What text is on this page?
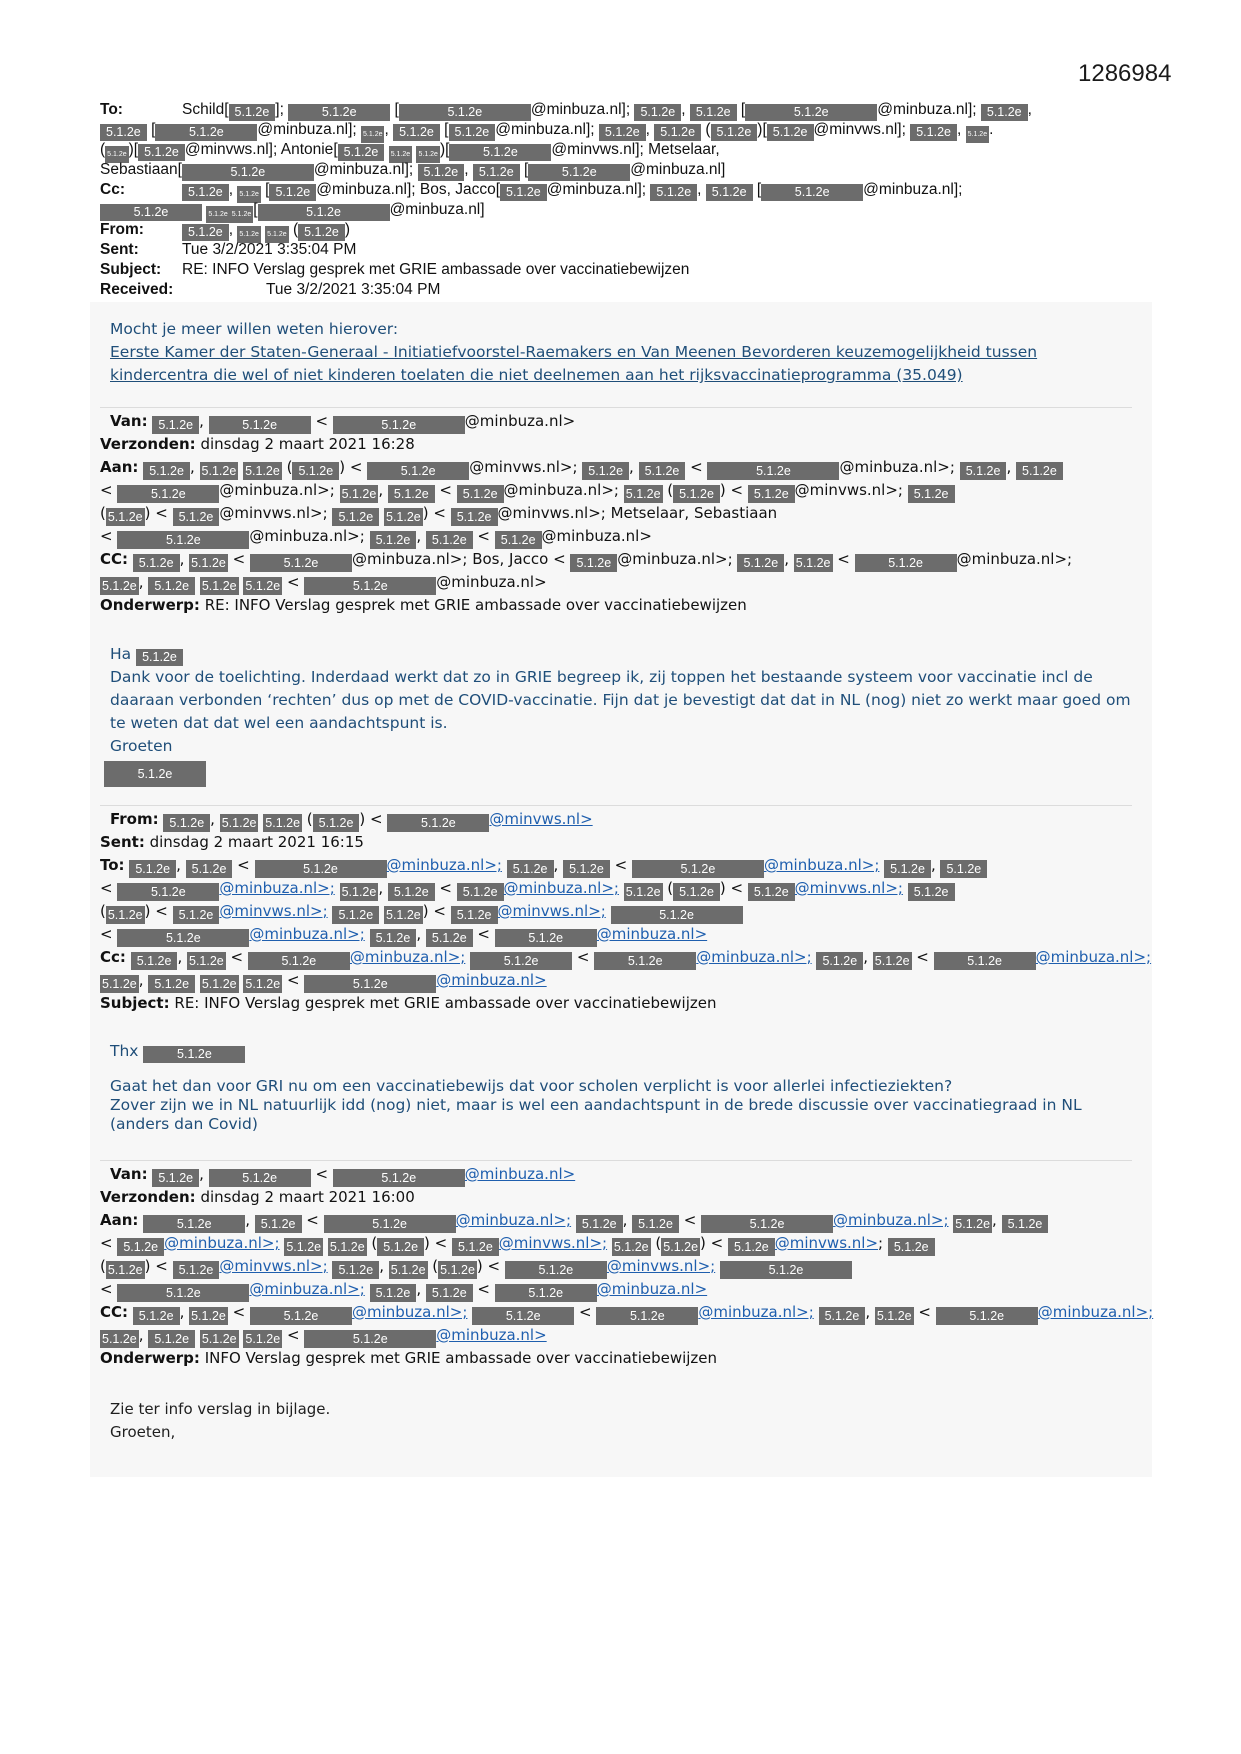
1286984
To:	Schild[ 5.1.2e ];	5.1.2e [	5.1.2e	@minbuza.nl]; 5.1.2e , 5.1.2e [	5.1.2e	@minbuza.nl]; 5.1.2e ,
5.1.2e [	5.1.2e @minbuza.nl]; 5.1.2e , 5.1.2e [ 5.1.2e @minbuza.nl]; 5.1.2e , 5.1.2e ( 5.1.2e )[ 5.1.2e @minvws.nl]; 5.1.2e , 5.1.2e .
( 5.1.2e )[ 5.1.2e @minvws.nl]; Antonie[ 5.1.2e 5.1.2e 5.1.2e )[	5.1.2e @minvws.nl]; Metselaar,
Sebastiaan[	5.1.2e	@minbuza.nl]; 5.1.2e , 5.1.2e [	5.1.2e @minbuza.nl]
Cc:	5.1.2e , 5.1.2e [ 5.1.2e @minbuza.nl]; Bos, Jacco[ 5.1.2e @minbuza.nl]; 5.1.2e , 5.1.2e [	5.1.2e @minbuza.nl];
5.1.2e	5.1.2e 5.1.2e [	5.1.2e	@minbuza.nl]
From:	5.1.2e , 5.1.2e 5.1.2e ( 5.1.2e )
Sent:	Tue 3/2/2021 3:35:04 PM
Subject: RE: INFO Verslag gesprek met GRIE ambassade over vaccinatiebewijzen
Received:	Tue 3/2/2021 3:35:04 PM
Mocht je meer willen weten hierover:
Eerste Kamer der Staten-Generaal - Initiatiefvoorstel-Raemakers en Van Meenen Bevorderen keuzemogelijkheid tussen
kindercentra die wel of niet kinderen toelaten die niet deelnemen aan het rijksvaccinatieprogramma (35.049)
Van: 5.1.2e ,	5.1.2e <	5.1.2e	@minbuza.nl>
Verzonden: dinsdag 2 maart 2021 16:28
Aan: 5.1.2e , 5.1.2e 5.1.2e ( 5.1.2e ) <	5.1.2e @minvws.nl>; 5.1.2e , 5.1.2e <	5.1.2e	@minbuza.nl>; 5.1.2e , 5.1.2e
<	5.1.2e @minbuza.nl>; 5.1.2e , 5.1.2e < 5.1.2e @minbuza.nl>; 5.1.2e ( 5.1.2e ) < 5.1.2e @minvws.nl>; 5.1.2e
( 5.1.2e ) < 5.1.2e @minvws.nl>; 5.1.2e 5.1.2e ) < 5.1.2e @minvws.nl>; Metselaar, Sebastiaan
<	5.1.2e	@minbuza.nl>; 5.1.2e , 5.1.2e < 5.1.2e @minbuza.nl>
CC: 5.1.2e , 5.1.2e <	5.1.2e @minbuza.nl>; Bos, Jacco < 5.1.2e @minbuza.nl>; 5.1.2e , 5.1.2e <	5.1.2e @minbuza.nl>;
5.1.2e , 5.1.2e 5.1.2e 5.1.2e <	5.1.2e	@minbuza.nl>
Onderwerp: RE: INFO Verslag gesprek met GRIE ambassade over vaccinatiebewijzen
Ha 5.1.2e
Dank voor de toelichting. Inderdaad werkt dat zo in GRIE begreep ik, zij toppen het bestaande systeem voor vaccinatie incl de
daaraan verbonden ‘rechten’ dus op met de COVID-vaccinatie. Fijn dat je bevestigt dat dat in NL (nog) niet zo werkt maar goed om
te weten dat dat wel een aandachtspunt is.
Groeten
5.1.2e
From: 5.1.2e , 5.1.2e 5.1.2e ( 5.1.2e ) <	5.1.2e @minvws.nl>
Sent: dinsdag 2 maart 2021 16:15
To: 5.1.2e , 5.1.2e <	5.1.2e	@minbuza.nl>; 5.1.2e , 5.1.2e <	5.1.2e	@minbuza.nl>; 5.1.2e , 5.1.2e
<	5.1.2e @minbuza.nl>; 5.1.2e , 5.1.2e < 5.1.2e @minbuza.nl>; 5.1.2e ( 5.1.2e ) < 5.1.2e @minvws.nl>; 5.1.2e
( 5.1.2e ) < 5.1.2e @minvws.nl>; 5.1.2e 5.1.2e ) < 5.1.2e @minvws.nl>;	5.1.2e
<	5.1.2e	@minbuza.nl>; 5.1.2e , 5.1.2e <	5.1.2e @minbuza.nl>
Cc: 5.1.2e , 5.1.2e <	5.1.2e @minbuza.nl>;	5.1.2e <	5.1.2e @minbuza.nl>; 5.1.2e , 5.1.2e <	5.1.2e @minbuza.nl>;
5.1.2e , 5.1.2e 5.1.2e 5.1.2e <	5.1.2e	@minbuza.nl>
Subject: RE: INFO Verslag gesprek met GRIE ambassade over vaccinatiebewijzen
Thx	5.1.2e
Gaat het dan voor GRI nu om een vaccinatiebewijs dat voor scholen verplicht is voor allerlei infectieziekten?
Zover zijn we in NL natuurlijk idd (nog) niet, maar is wel een aandachtspunt in de brede discussie over vaccinatiegraad in NL
(anders dan Covid)
Van: 5.1.2e ,	5.1.2e <	5.1.2e	@minbuza.nl>
Verzonden: dinsdag 2 maart 2021 16:00
Aan:	5.1.2e , 5.1.2e <	5.1.2e	@minbuza.nl>; 5.1.2e , 5.1.2e <	5.1.2e	@minbuza.nl>; 5.1.2e , 5.1.2e
< 5.1.2e @minbuza.nl>; 5.1.2e 5.1.2e ( 5.1.2e ) < 5.1.2e @minvws.nl>; 5.1.2e ( 5.1.2e ) < 5.1.2e @minvws.nl>; 5.1.2e
( 5.1.2e ) < 5.1.2e @minvws.nl>; 5.1.2e , 5.1.2e ( 5.1.2e ) <	5.1.2e @minvws.nl>;	5.1.2e
<	5.1.2e	@minbuza.nl>; 5.1.2e , 5.1.2e <	5.1.2e @minbuza.nl>
CC: 5.1.2e , 5.1.2e <	5.1.2e @minbuza.nl>;	5.1.2e <	5.1.2e @minbuza.nl>; 5.1.2e , 5.1.2e <	5.1.2e @minbuza.nl>;
5.1.2e , 5.1.2e 5.1.2e 5.1.2e <	5.1.2e	@minbuza.nl>
Onderwerp: INFO Verslag gesprek met GRIE ambassade over vaccinatiebewijzen
Zie ter info verslag in bijlage.
Groeten,
